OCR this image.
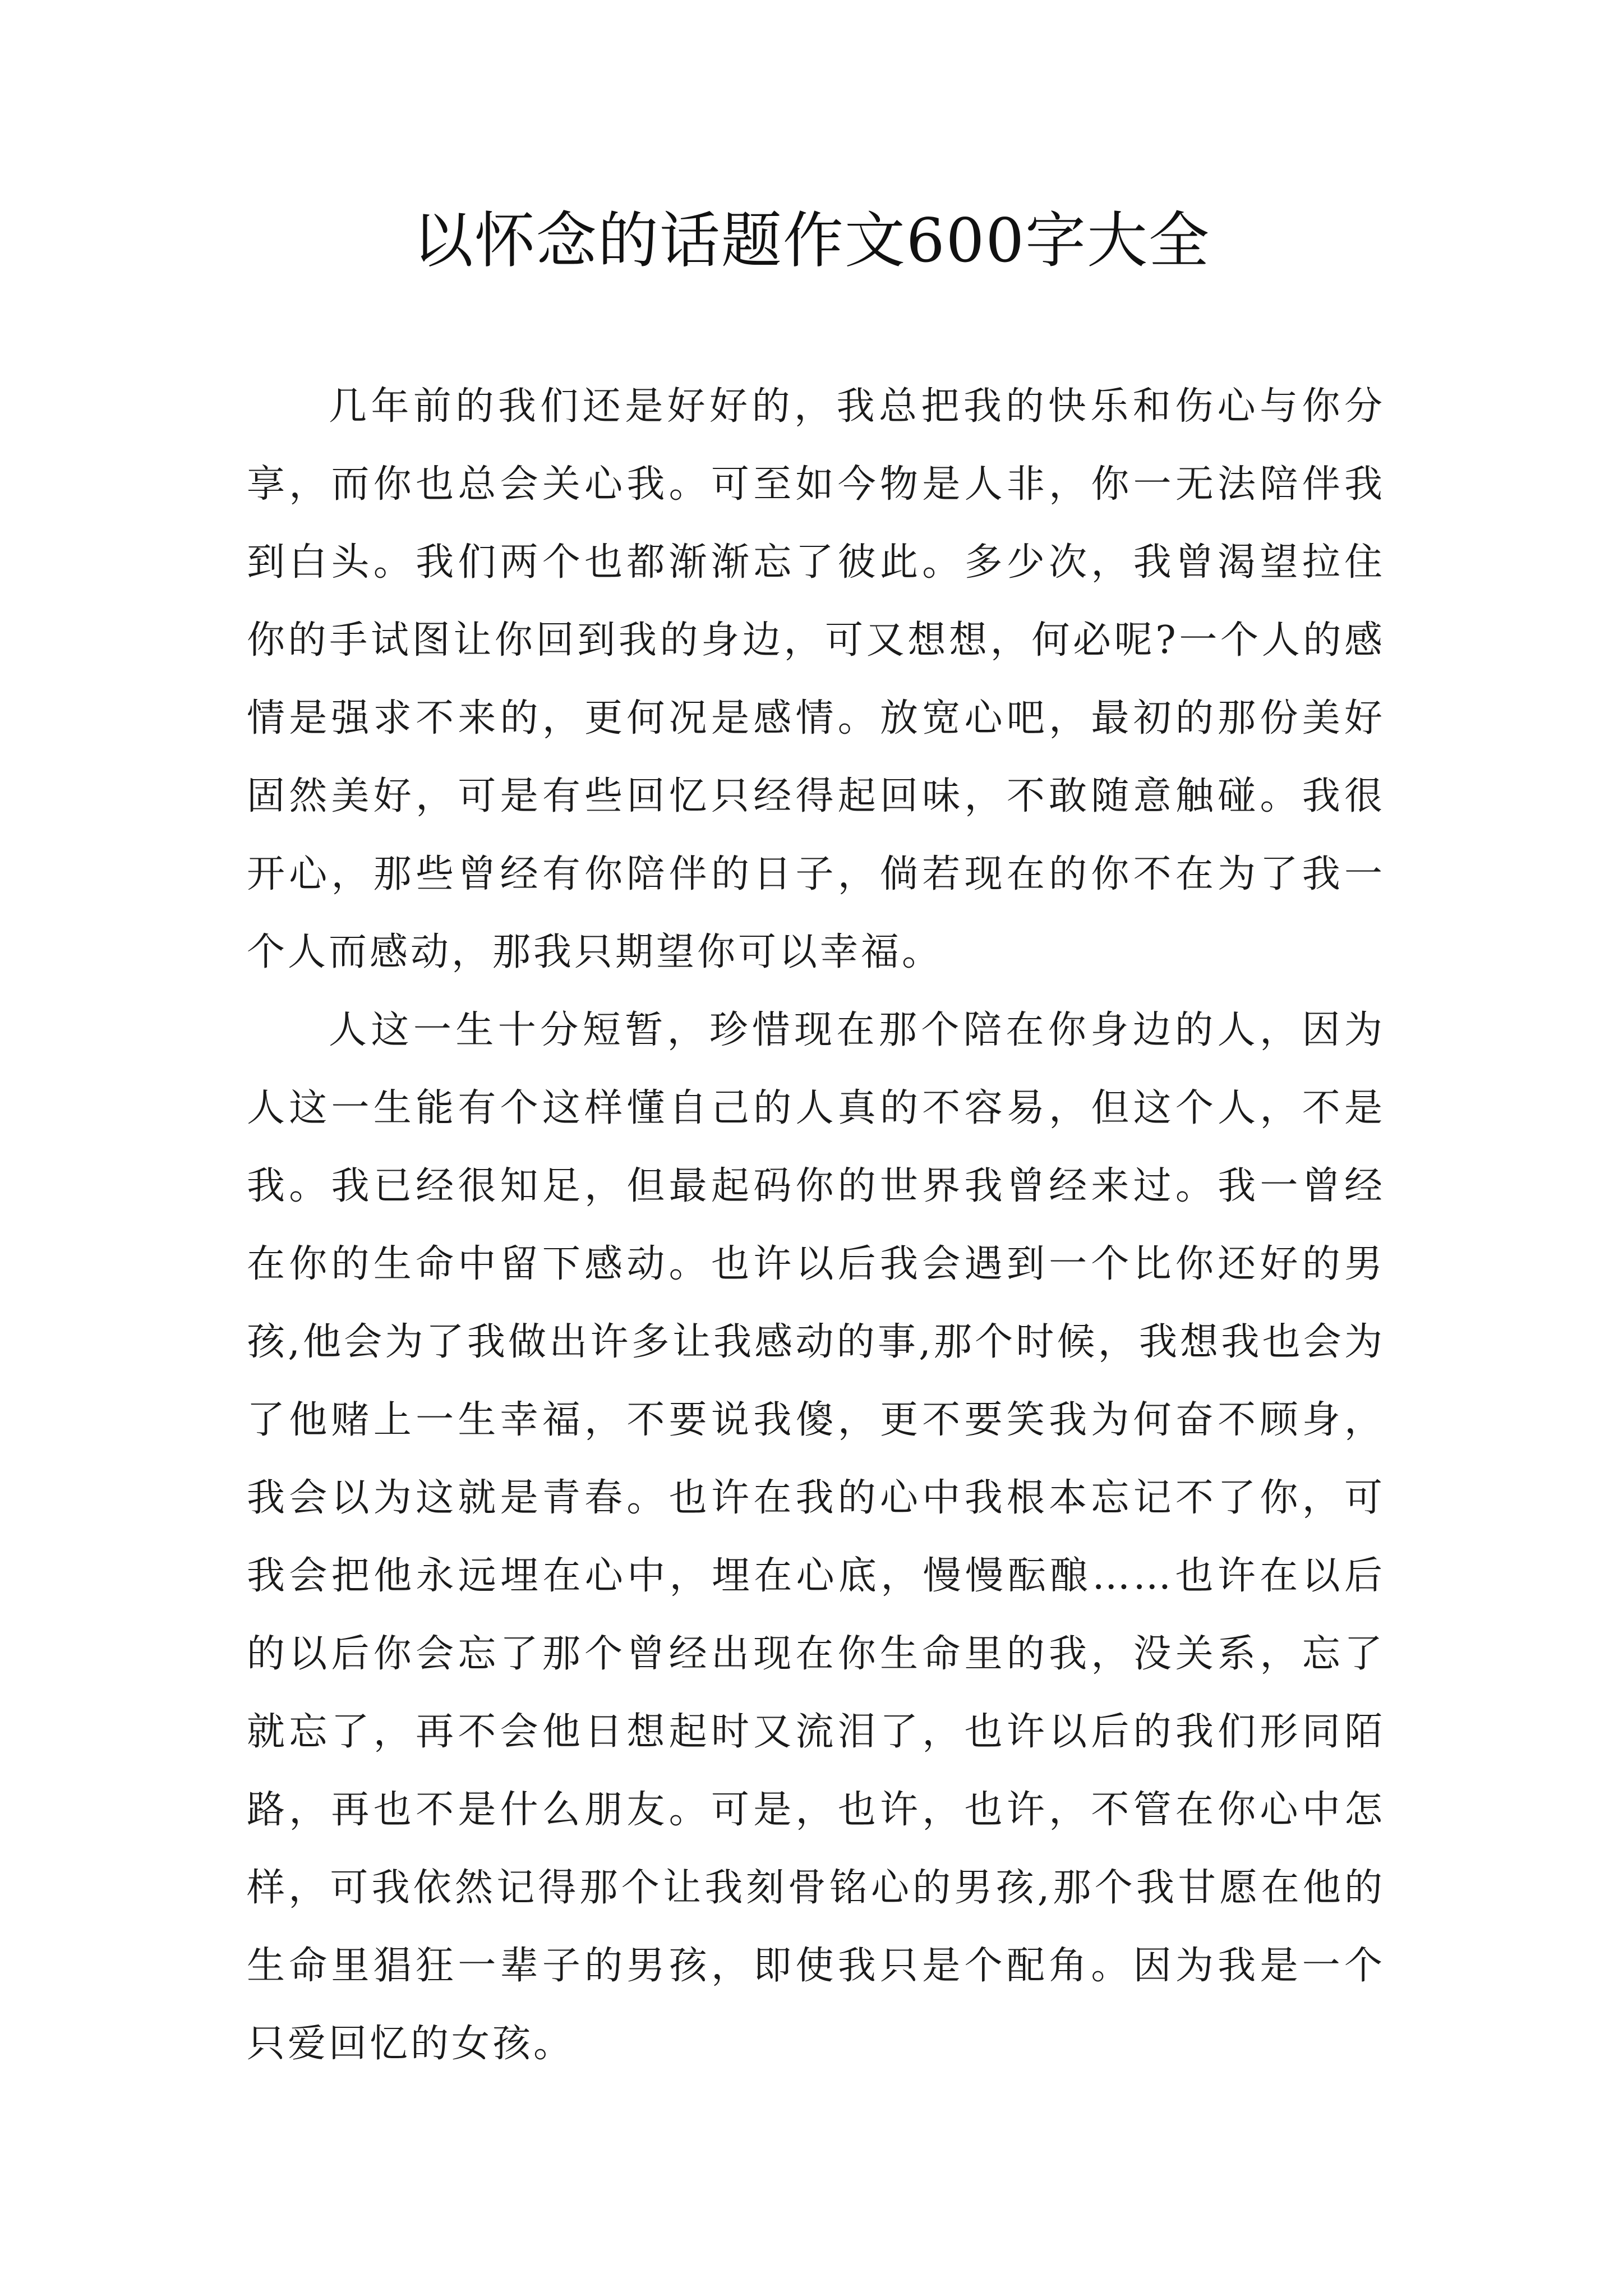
以怀念的话题作文600字大全

几年前的我们还是好好的，我总把我的快乐和伤心与你分享，而你也总会关心我。可至如今物是人非，你一无法陪伴我到白头。我们两个也都渐渐忘了彼此。多少次，我曾渴望拉住你的手试图让你回到我的身边，可又想想，何必呢?一个人的感情是强求不来的，更何况是感情。放宽心吧，最初的那份美好固然美好，可是有些回忆只经得起回味，不敢随意触碰。我很开心，那些曾经有你陪伴的日子，倘若现在的你不在为了我一个人而感动，那我只期望你可以幸福。

人这一生十分短暂，珍惜现在那个陪在你身边的人，因为人这一生能有个这样懂自己的人真的不容易，但这个人，不是我。我已经很知足，但最起码你的世界我曾经来过。我一曾经在你的生命中留下感动。也许以后我会遇到一个比你还好的男孩,他会为了我做出许多让我感动的事,那个时候，我想我也会为了他赌上一生幸福，不要说我傻，更不要笑我为何奋不顾身，我会以为这就是青春。也许在我的心中我根本忘记不了你，可我会把他永远埋在心中，埋在心底，慢慢酝酿……也许在以后的以后你会忘了那个曾经出现在你生命里的我，没关系，忘了就忘了，再不会他日想起时又流泪了，也许以后的我们形同陌路，再也不是什么朋友。可是，也许，也许，不管在你心中怎样，可我依然记得那个让我刻骨铭心的男孩,那个我甘愿在他的生命里猖狂一辈子的男孩，即使我只是个配角。因为我是一个只爱回忆的女孩。
